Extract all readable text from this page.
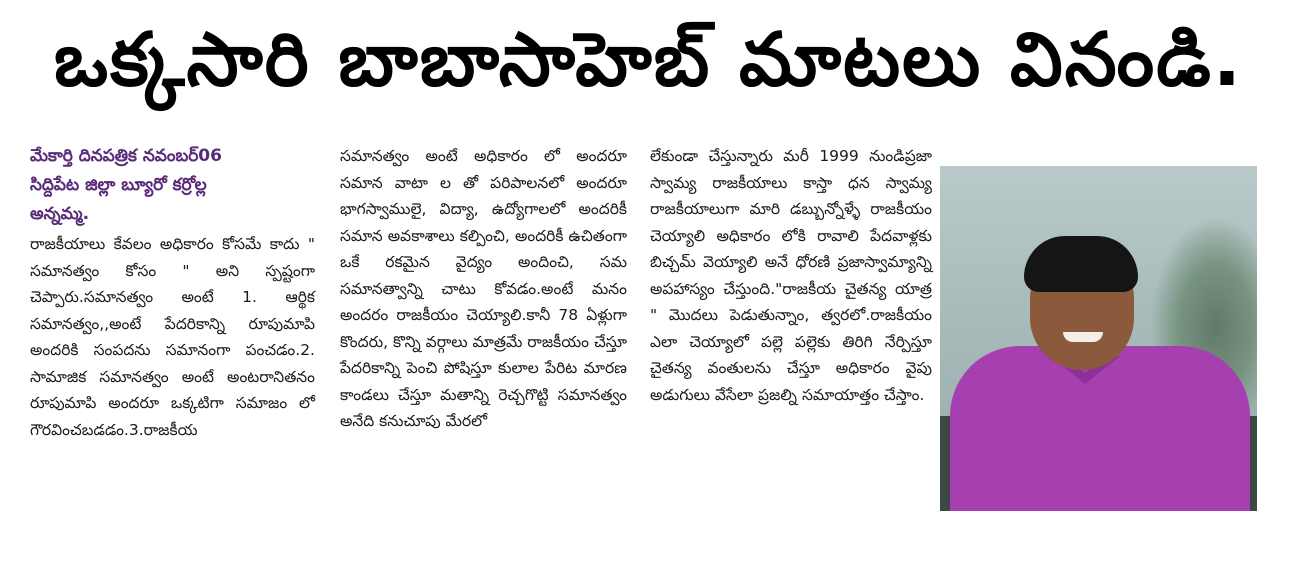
ఒక్కసారి బాబాసాహెబ్ మాటలు వినండి.

మేకార్తి దినపత్రిక నవంబర్06

సిద్దిపేట జిల్లా బ్యూరో కర్రోల్ల

అన్నమ్మ.

రాజకీయాలు కేవలం అధికారం కోసమే కాదు " సమానత్వం కోసం " అని స్పష్టంగా చెప్పారు.సమానత్వం అంటే 1. ఆర్థిక సమానత్వం,,అంటే పేదరికాన్ని రూపుమాపి అందరికి సంపదను సమానంగా పంచడం.2. సామాజిక సమానత్వం అంటే అంటరానితనం రూపుమాపి అందరూ ఒక్కటిగా సమాజం లో గౌరవించబడడం.3.రాజకీయ

సమానత్వం అంటే అధికారం లో అందరూ సమాన వాటా ల తో పరిపాలనలో అందరూ భాగస్వాములై, విద్యా, ఉద్యోగాలలో అందరికీ సమాన అవకాశాలు కల్పించి, అందరికీ ఉచితంగా ఒకే రకమైన వైద్యం అందించి, సమ సమానత్వాన్ని చాటు కోవడం.అంటే మనం అందరం రాజకీయం చెయ్యాలి.కానీ 78 ఏళ్లుగా కొందరు, కొన్ని వర్గాలు మాత్రమే రాజకీయం చేస్తూ పేదరికాన్ని పెంచి పోషిస్తూ కులాల పేరిట మారణ కాండలు చేస్తూ మతాన్ని రెచ్చగొట్టి సమానత్వం అనేది కనుచూపు మేరలో

లేకుండా చేస్తున్నారు మరీ 1999 నుండిప్రజా స్వామ్య రాజకీయాలు కాస్తా ధన స్వామ్య రాజకీయాలుగా మారి డబ్బున్నోళ్ళే రాజకీయం చెయ్యాలి అధికారం లోకి రావాలి పేదవాళ్లకు బిచ్చమ్ వెయ్యాలి అనే ధోరణి ప్రజాస్వామ్యాన్ని అపహాస్యం చేస్తుంది."రాజకీయ చైతన్య యాత్ర " మొదలు పెడుతున్నాం, త్వరలో.రాజకీయం ఎలా చెయ్యాలో పల్లె పల్లెకు తిరిగి నేర్పిస్తూ చైతన్య వంతులను చేస్తూ అధికారం వైపు అడుగులు వేసేలా ప్రజల్ని సమాయాత్తం చేస్తాం.
